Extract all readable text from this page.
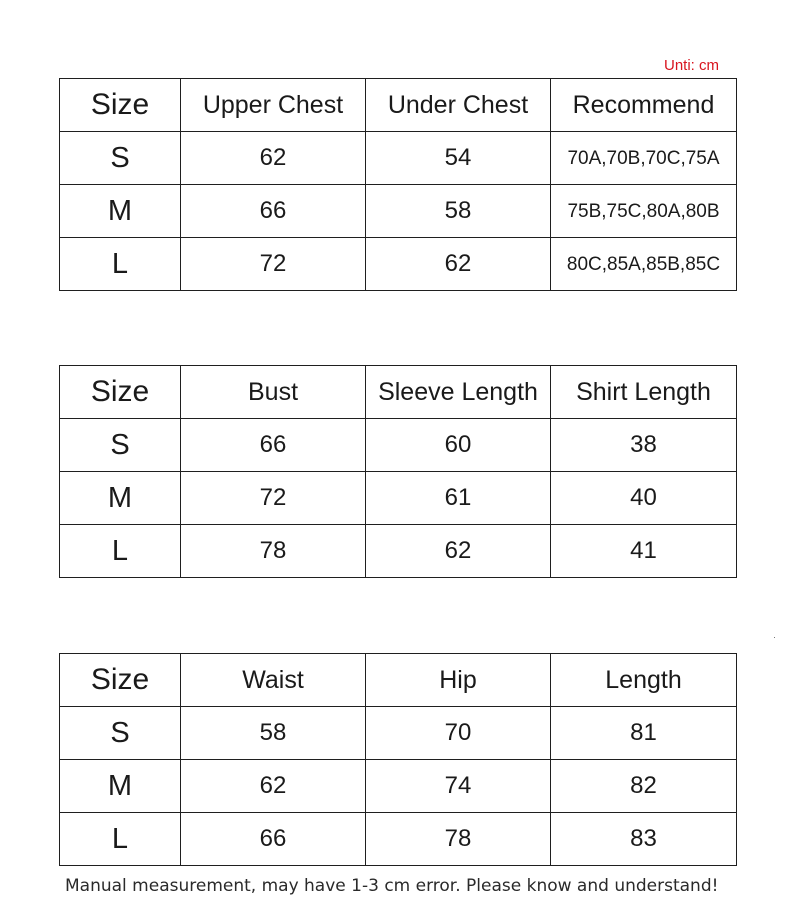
Unti: cm
Size	Upper Chest	Under Chest	Recommend
S	62	54	70A,70B,70C,75A
M	66	58	75B,75C,80A,80B
L	72	62	80C,85A,85B,85C
Size	Bust	Sleeve Length	Shirt Length
S	66	60	38
M	72	61	40
L	78	62	41
Size	Waist	Hip	Length
S	58	70	81
M	62	74	82
L	66	78	83
Manual measurement, may have 1-3 cm error. Please know and understand!
